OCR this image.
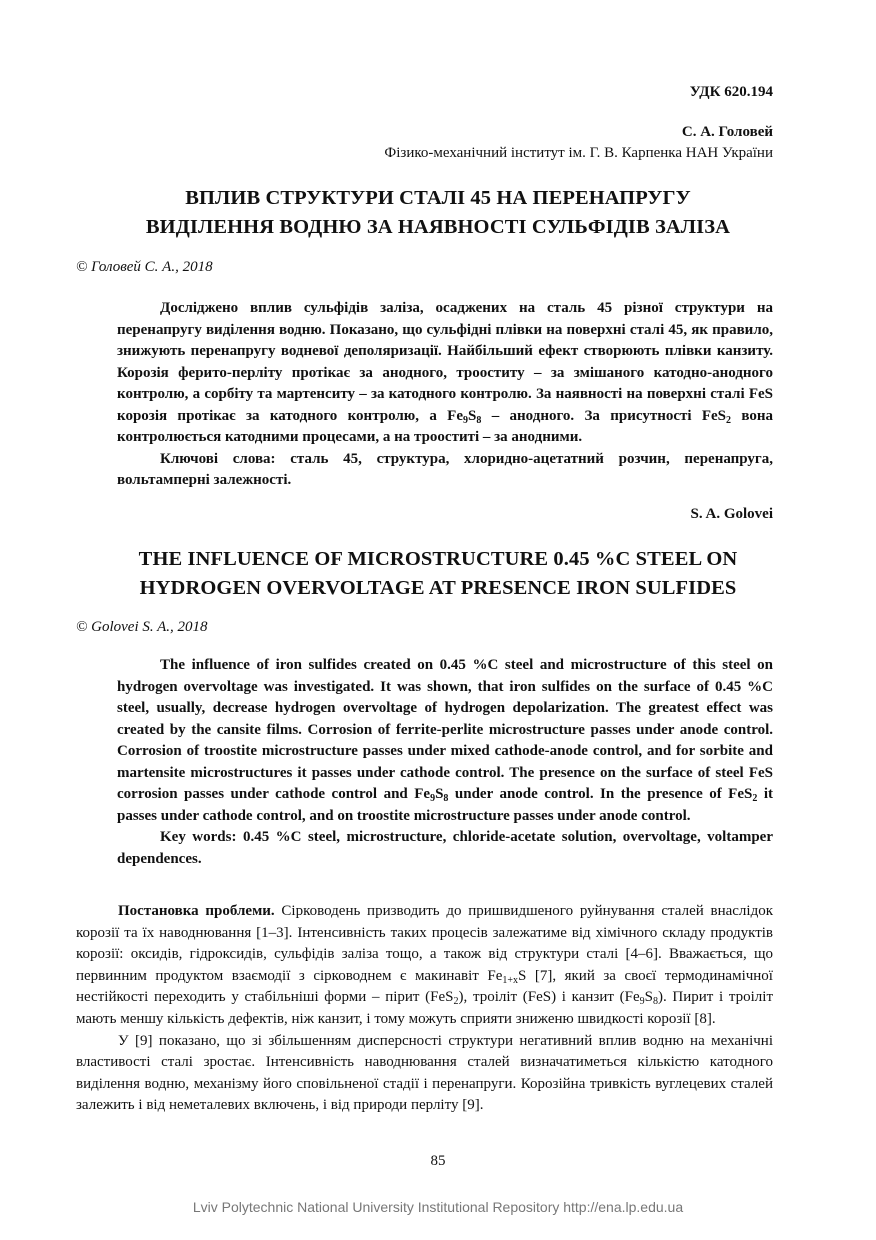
УДК 620.194
С. А. Головей
Фізико-механічний інститут ім. Г. В. Карпенка НАН України
ВПЛИВ СТРУКТУРИ СТАЛІ 45 НА ПЕРЕНАПРУГУ
ВИДІЛЕННЯ ВОДНЮ ЗА НАЯВНОСТІ СУЛЬФІДІВ ЗАЛІЗА
© Головей С. А., 2018

Досліджено вплив сульфідів заліза, осаджених на сталь 45 різної структури на перенапругу виділення водню. Показано, що сульфідні плівки на поверхні сталі 45, як правило, знижують перенапругу водневої деполяризації. Найбільший ефект створюють плівки канзиту. Корозія ферито-перліту протікає за анодного, трооститу – за змішаного катодно-анодного контролю, а сорбіту та мартенситу – за катодного контролю. За наявності на поверхні сталі FeS корозія протікає за катодного контролю, а $Fe_9S_8$ – анодного. За присутності FeS$_2$ вона контролюється катодними процесами, а на трооститі – за анодними.

Ключові слова: сталь 45, структура, хлоридно-ацетатний розчин, перенапруга, вольтамперні залежності.

S. A. Golovei
THE INFLUENCE OF MICROSTRUCTURE 0.45 %C STEEL ON
HYDROGEN OVERVOLTAGE AT PRESENCE IRON SULFIDES
© Golovei S. A., 2018

The influence of iron sulfides created on 0.45 %C steel and microstructure of this steel on hydrogen overvoltage was investigated. It was shown, that iron sulfides on the surface of 0.45 %C steel, usually, decrease hydrogen overvoltage of hydrogen depolarization. The greatest effect was created by the cansite films. Corrosion of ferrite-perlite microstructure passes under anode control. Corrosion of troostite microstructure passes under mixed cathode-anode control, and for sorbite and martensite microstructures it passes under cathode control. The presence on the surface of steel FeS corrosion passes under cathode control and $Fe_9S_8$ under anode control. In the presence of FeS$_2$ it passes under cathode control, and on troostite microstructure passes under anode control.

Key words: 0.45 %C steel, microstructure, chloride-acetate solution, overvoltage, voltamper dependences.

Постановка проблеми. Сірководень призводить до пришвидшеного руйнування сталей внаслідок корозії та їх наводнювання [1–3]. Інтенсивність таких процесів залежатиме від хімічного складу продуктів корозії: оксидів, гідроксидів, сульфідів заліза тощо, а також від структури сталі [4–6]. Вважається, що первинним продуктом взаємодії з сірководнем є макинавіт $Fe_{1+x}S$ [7], який за своєї термодинамічної нестійкості переходить у стабільніші форми – пірит (FeS$_2$), троіліт (FeS) і канзит $(Fe_9S_8)$. Пирит і троіліт мають меншу кількість дефектів, ніж канзит, і тому можуть сприяти зниженю швидкості корозії [8].

У [9] показано, що зі збільшенням дисперсності структури негативний вплив водню на механічні властивості сталі зростає. Інтенсивність наводнювання сталей визначатиметься кількістю катодного виділення водню, механізму його сповільненої стадії і перенапруги. Корозійна тривкість вуглецевих сталей залежить і від неметалевих включень, і від природи перліту [9].

85
Lviv Polytechnic National University Institutional Repository http://ena.lp.edu.ua
